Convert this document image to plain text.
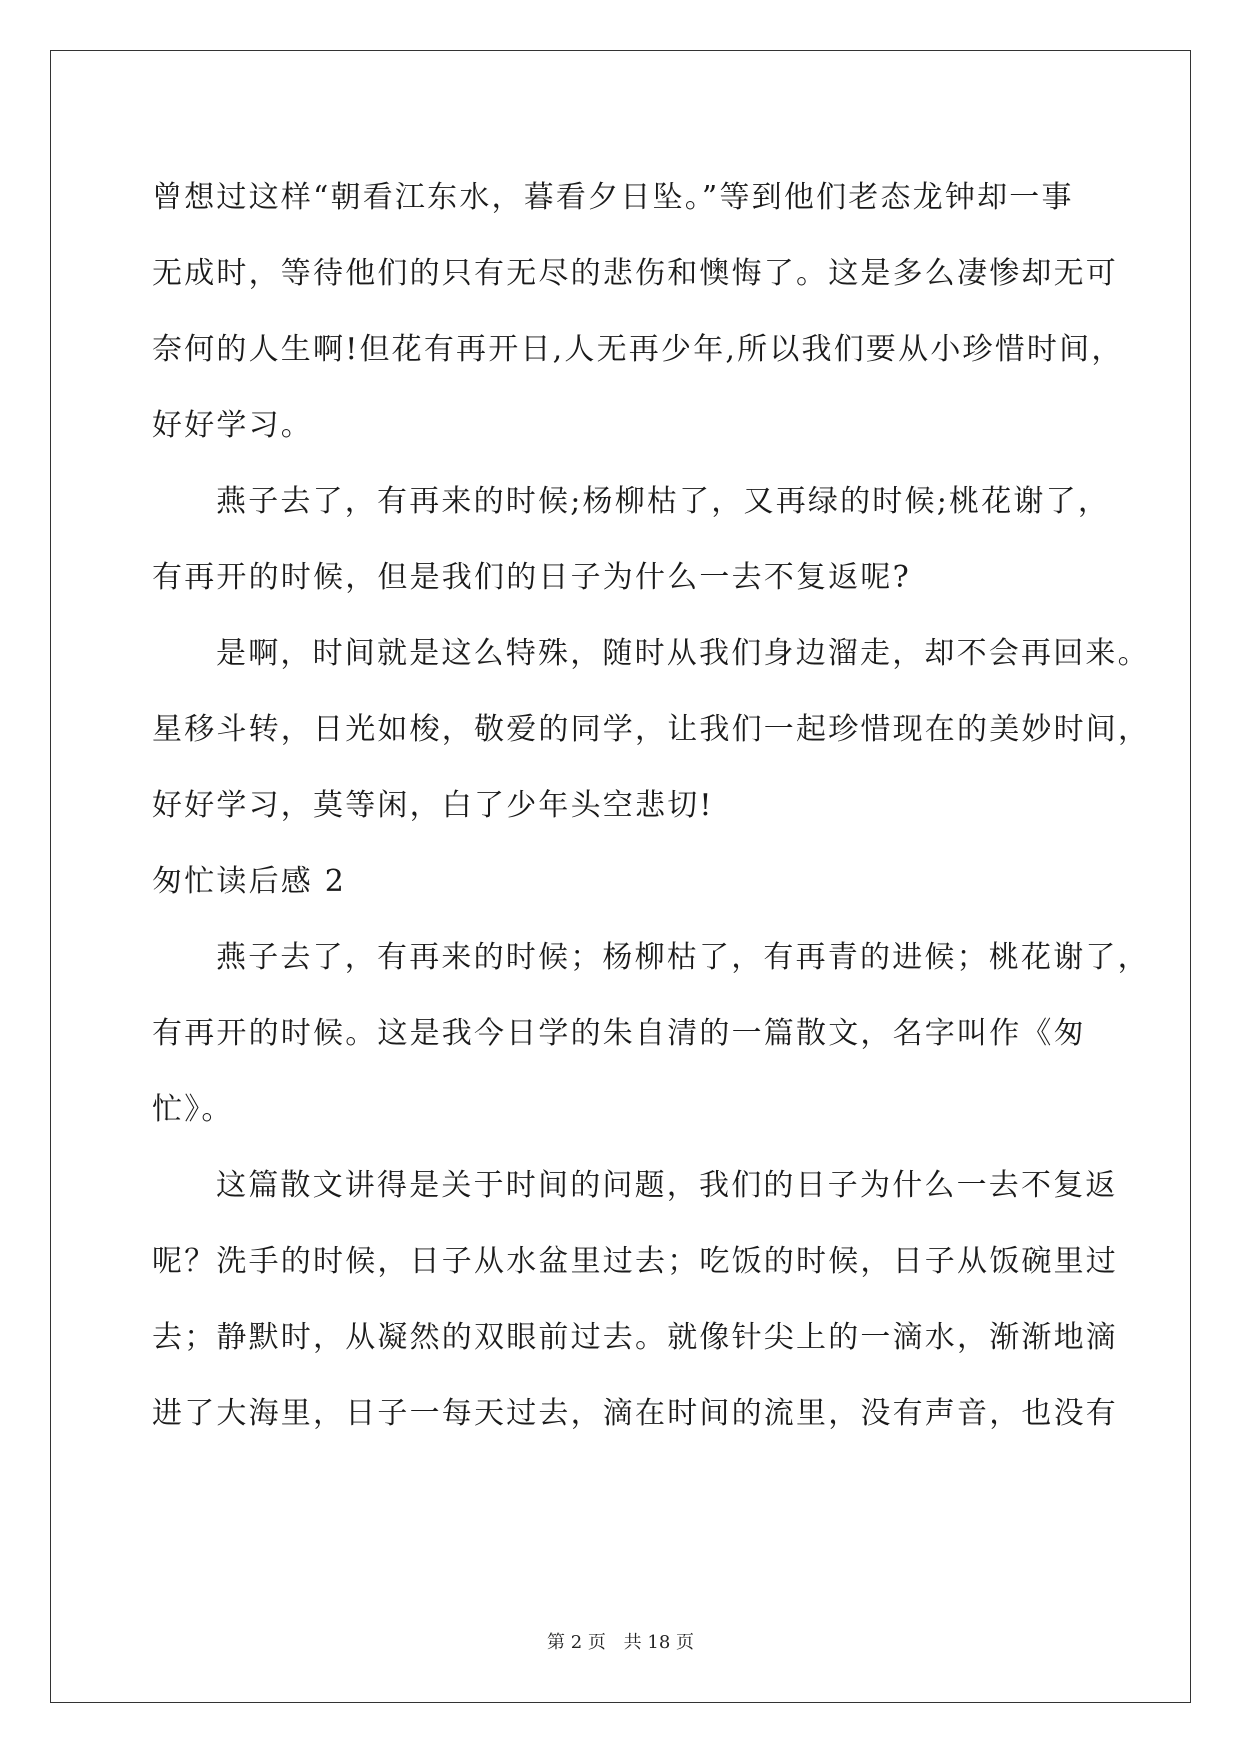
曾想过这样“朝看江东水，暮看夕日坠。”等到他们老态龙钟却一事
无成时，等待他们的只有无尽的悲伤和懊悔了。这是多么凄惨却无可
奈何的人生啊!但花有再开日,人无再少年,所以我们要从小珍惜时间，
好好学习。
燕子去了，有再来的时候;杨柳枯了，又再绿的时候;桃花谢了，
有再开的时候，但是我们的日子为什么一去不复返呢?
是啊，时间就是这么特殊，随时从我们身边溜走，却不会再回来。
星移斗转，日光如梭，敬爱的同学，让我们一起珍惜现在的美妙时间，
好好学习，莫等闲，白了少年头空悲切!
匆忙读后感 2
燕子去了，有再来的时候；杨柳枯了，有再青的进候；桃花谢了，
有再开的时候。这是我今日学的朱自清的一篇散文，名字叫作《匆
忙》。
这篇散文讲得是关于时间的问题，我们的日子为什么一去不复返
呢？洗手的时候，日子从水盆里过去；吃饭的时候，日子从饭碗里过
去；静默时，从凝然的双眼前过去。就像针尖上的一滴水，渐渐地滴
进了大海里，日子一每天过去，滴在时间的流里，没有声音，也没有
第 2 页 共 18 页
